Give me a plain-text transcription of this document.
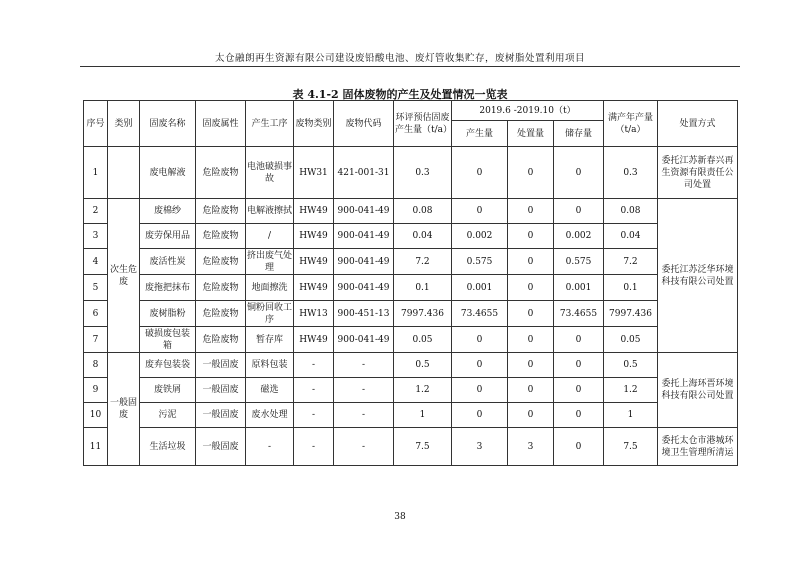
太仓融朗再生资源有限公司建设废铅酸电池、废灯管收集贮存，废树脂处置利用项目
表 4.1-2 固体废物的产生及处置情况一览表
序号	类别	固废名称	固废属性	产生工序	废物类别	废物代码	环评预估固废产生量（t/a）	2019.6 -2019.10（t）			满产年产量（t/a）	处置方式
								产生量	处置量	储存量		
1		废电解液	危险废物	电池破损事故	HW31	421-001-31	0.3	0	0	0	0.3	委托江苏新春兴再生资源有限责任公司处置
2	次生危废	废棉纱	危险废物	电解液擦拭	HW49	900-041-49	0.08	0	0	0	0.08	委托江苏泛华环境科技有限公司处置
3		废劳保用品	危险废物	/	HW49	900-041-49	0.04	0.002	0	0.002	0.04	
4		废活性炭	危险废物	挤出废气处理	HW49	900-041-49	7.2	0.575	0	0.575	7.2	
5		废拖把抹布	危险废物	地面擦洗	HW49	900-041-49	0.1	0.001	0	0.001	0.1	
6		废树脂粉	危险废物	铜粉回收工序	HW13	900-451-13	7997.436	73.4655	0	73.4655	7997.436	
7		破损废包装箱	危险废物	暂存库	HW49	900-041-49	0.05	0	0	0	0.05	
8	一般固废	废弃包装袋	一般固废	原料包装	-	-	0.5	0	0	0	0.5	委托上海环晋环境科技有限公司处置
9		废铁屑	一般固废	磁选	-	-	1.2	0	0	0	1.2	
10		污泥	一般固废	废水处理	-	-	1	0	0	0	1	
11		生活垃圾	一般固废	-	-	-	7.5	3	3	0	7.5	委托太仓市港城环境卫生管理所清运
38
